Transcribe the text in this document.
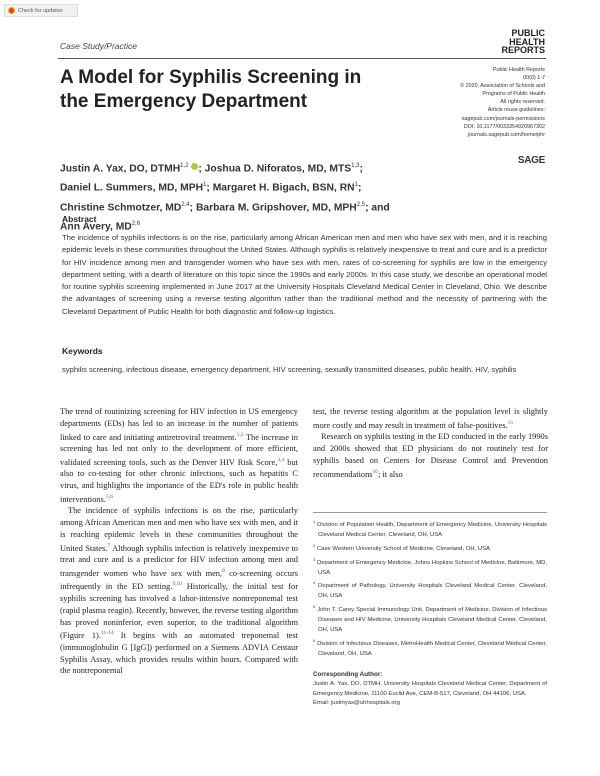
Check for updates
Case Study/Practice
PUBLIC
HEALTH
REPORTS
A Model for Syphilis Screening in the Emergency Department
Public Health Reports
00(0) 1-7
© 2020, Association of Schools and
Programs of Public Health
All rights reserved.
Article reuse guidelines:
sagepub.com/journals-permissions
DOI: 10.1177/0033354920967302
journals.sagepub.com/home/phr
SAGE
Justin A. Yax, DO, DTMH$^{1,2}$ ; Joshua D. Niforatos, MD, MTS$^{1,3}$;
Daniel L. Summers, MD, MPH$^1$; Margaret H. Bigach, BSN, $RN^1$;
Christine Schmotzer, MD$^{2,4}$; Barbara M. Gripshover, MD, MPH$^{2,5}$; and
Ann Avery, MD$^{2,6}$
Abstract
The incidence of syphilis infections is on the rise, particularly among African American men and men who have sex with men, and it is reaching epidemic levels in these communities throughout the United States. Although syphilis is relatively inexpensive to treat and cure and is a predictor for HIV incidence among men and transgender women who have sex with men, rates of co-screening for syphilis are low in the emergency department setting, with a dearth of literature on this topic since the 1990s and early 2000s. In this case study, we describe an operational model for routine syphilis screening implemented in June 2017 at the University Hospitals Cleveland Medical Center in Cleveland, Ohio. We describe the advantages of screening using a reverse testing algorithm rather than the traditional method and the necessity of partnering with the Cleveland Department of Public Health for both diagnostic and follow-up logistics.
Keywords
syphilis screening, infectious disease, emergency department, HIV screening, sexually transmitted diseases, public health, HIV, syphilis

The trend of routinizing screening for HIV infection in US emergency departments (EDs) has led to an increase in the number of patients linked to care and initiating antiretroviral treatment.$^{1,2}$ The increase in screening has led not only to the development of more efficient, validated screening tools, such as the Denver HIV Risk Score,$^{3,4}$ but also to co-testing for other chronic infections, such as hepatitis C virus, and highlights the importance of the ED's role in public health interventions.$^{5,6}$

The incidence of syphilis infections is on the rise, particularly among African American men and men who have sex with men, and it is reaching epidemic levels in these communities throughout the United States.$^7$ Although syphilis infection is relatively inexpensive to treat and cure and is a predictor for HIV infection among men and transgender women who have sex with men,$^8$ co-screening occurs infrequently in the ED setting.$^{9,10}$ Historically, the initial test for syphilis screening has involved a labor-intensive nontreponemal test (rapid plasma reagin). Recently, however, the reverse testing algorithm has proved noninferior, even superior, to the traditional algorithm (Figure 1).$^{11-14}$ It begins with an automated treponemal test (immunoglobulin G [IgG]) performed on a Siemens ADVIA Centaur Syphilis Assay, which provides results within hours. Compared with the nontreponemal

test, the reverse testing algorithm at the population level is slightly more costly and may result in treatment of false-positives.$^{15}$

Research on syphilis testing in the ED conducted in the early 1990s and 2000s showed that ED physicians do not routinely test for syphilis based on Centers for Disease Control and Prevention recommendations$^{16}$; it also

$^1$ Division of Population Health, Department of Emergency Medicine, University Hospitals Cleveland Medical Center, Cleveland, OH, USA
$^2$ Case Western University School of Medicine, Cleveland, OH, USA
$^3$ Department of Emergency Medicine, Johns Hopkins School of Medicine, Baltimore, MD, USA
$^4$ Department of Pathology, University Hospitals Cleveland Medical Center, Cleveland, OH, USA
$^5$ John T. Carey Special Immunology Unit, Department of Medicine, Division of Infectious Diseases and HIV Medicine, University Hospitals Cleveland Medical Center, Cleveland, OH, USA
$^6$ Division of Infectious Diseases, MetroHealth Medical Center, Cleveland Medical Center, Cleveland, OH, USA
Corresponding Author:
Justin A. Yax, DO, DTMH, University Hospitals Cleveland Medical Center, Department of Emergency Medicine, 11100 Euclid Ave, CEM-B-517, Cleveland, OH 44106, USA.
Email: justinyax@uhhospitals.org
